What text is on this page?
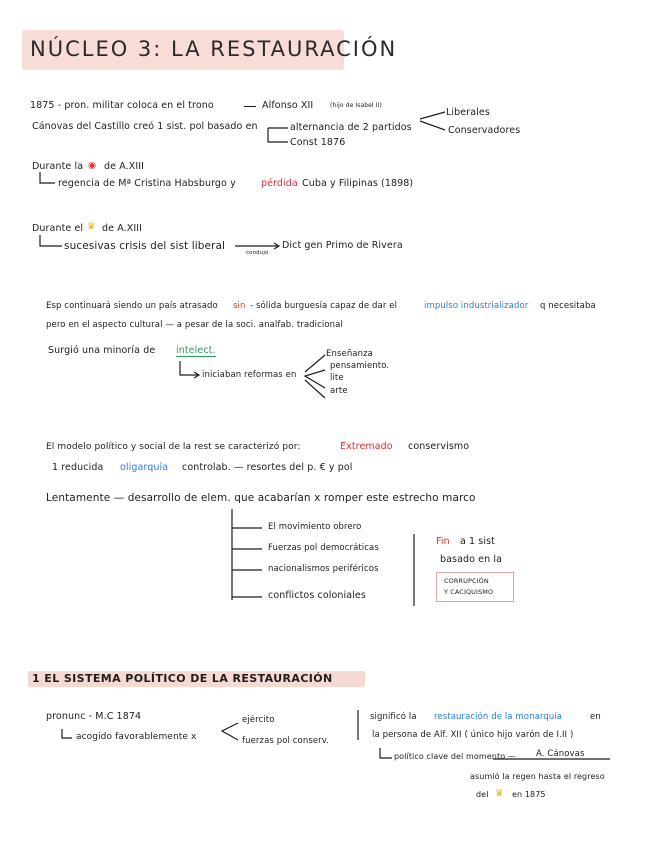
NÚCLEO 3: LA RESTAURACIÓN
1875 - pron. militar coloca en el trono	Alfonso XII	(hijo de Isabel II)
Cánovas del Castillo creó 1 sist. pol basado en	alternancia de 2 partidos
Const 1876
Liberales
Conservadores
Durante la ◉ de A.XIII
regencia de Mª Cristina Habsburgo y	pérdida Cuba y Filipinas (1898)
Durante el ♛ de A.XIII
sucesivas crisis del sist liberal
condujo
Dict gen Primo de Rivera
Esp continuará siendo un país atrasado sin - sólida burguesía capaz de dar el	impulso industrializador q necesitaba
pero en el aspecto cultural — a pesar de la soci. analfab. tradicional
Surgió una minoría de intelect.
iniciaban reformas en
Enseñanza
pensamiento.
lite
arte
El modelo político y social de la rest se caracterizó por:	Extremado conservismo
1 reducida oligarquía controlab. — resortes del p. € y pol
Lentamente — desarrollo de elem. que acabarían x romper este estrecho marco
El movimiento obrero
Fuerzas pol democráticas
nacionalismos periféricos
conflictos coloniales
Fin a 1 sist
basado en la
CORRUPCIÓN
Y CACIQUISMO
1 EL SISTEMA POLÍTICO DE LA RESTAURACIÓN
pronunc - M.C 1874
acogido favorablemente x
ejército
fuerzas pol conserv.
significó la restauración de la monarquía	en
la persona de Alf. XII ( único hijo varón de I.II )
político clave del momento — A. Cánovas
asumió la regen hasta el regreso
del ♛ en 1875
